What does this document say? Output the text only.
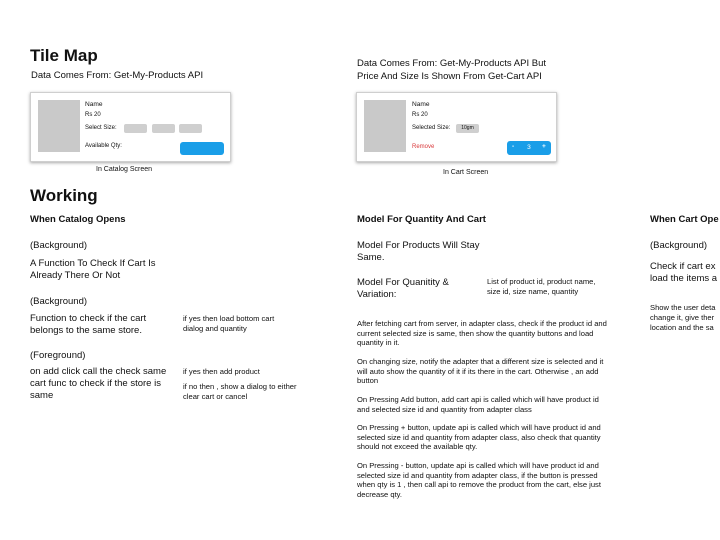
Tile Map
Data Comes From: Get-My-Products API
Name
Rs 20
Select Size:
Available Qty:
In Catalog Screen
Data Comes From: Get-My-Products API But
Price And Size Is Shown From Get-Cart API
Name
Rs 20
Selected Size:	10gm
Remove	-	3	+
In Cart Screen
Working
When Catalog Opens
(Background)
A Function To Check If Cart Is Already There Or Not
(Background)
Function to check if the cart belongs to the same store.
if yes then load bottom cart dialog and quantity
(Foreground)
on add click call the check same cart func to check if the store is same
if yes then add product
if no then , show a dialog to either clear cart or cancel
Model For Quantity And Cart
Model For Products Will Stay Same.
Model For Quanitity & Variation:
List of product id, product name, size id, size name, quantity
After fetching cart from server, in adapter class, check if the product id and current selected size is same, then show the quantity buttons and load quantity in it.
On changing size, notify the adapter that a different size is selected and it will auto show the quantity of it if its there in the cart. Otherwise , an add button
On Pressing Add button, add cart api is called which will have product id and selected size id and quantity from adapter class
On Pressing + button, update api is called which will have product id and selected size id and quantity from adapter class, also check that quantity should not exceed the available qty.
On Pressing - button, update api is called which will have product id and selected size id and quantity from adapter class, if the button is pressed when qty is 1 , then call api to remove the product from the cart, else just decrease qty.
When Cart Ope
(Background)
Check if cart ex
load the items a
Show the user deta
change it, give ther
location and the sa
